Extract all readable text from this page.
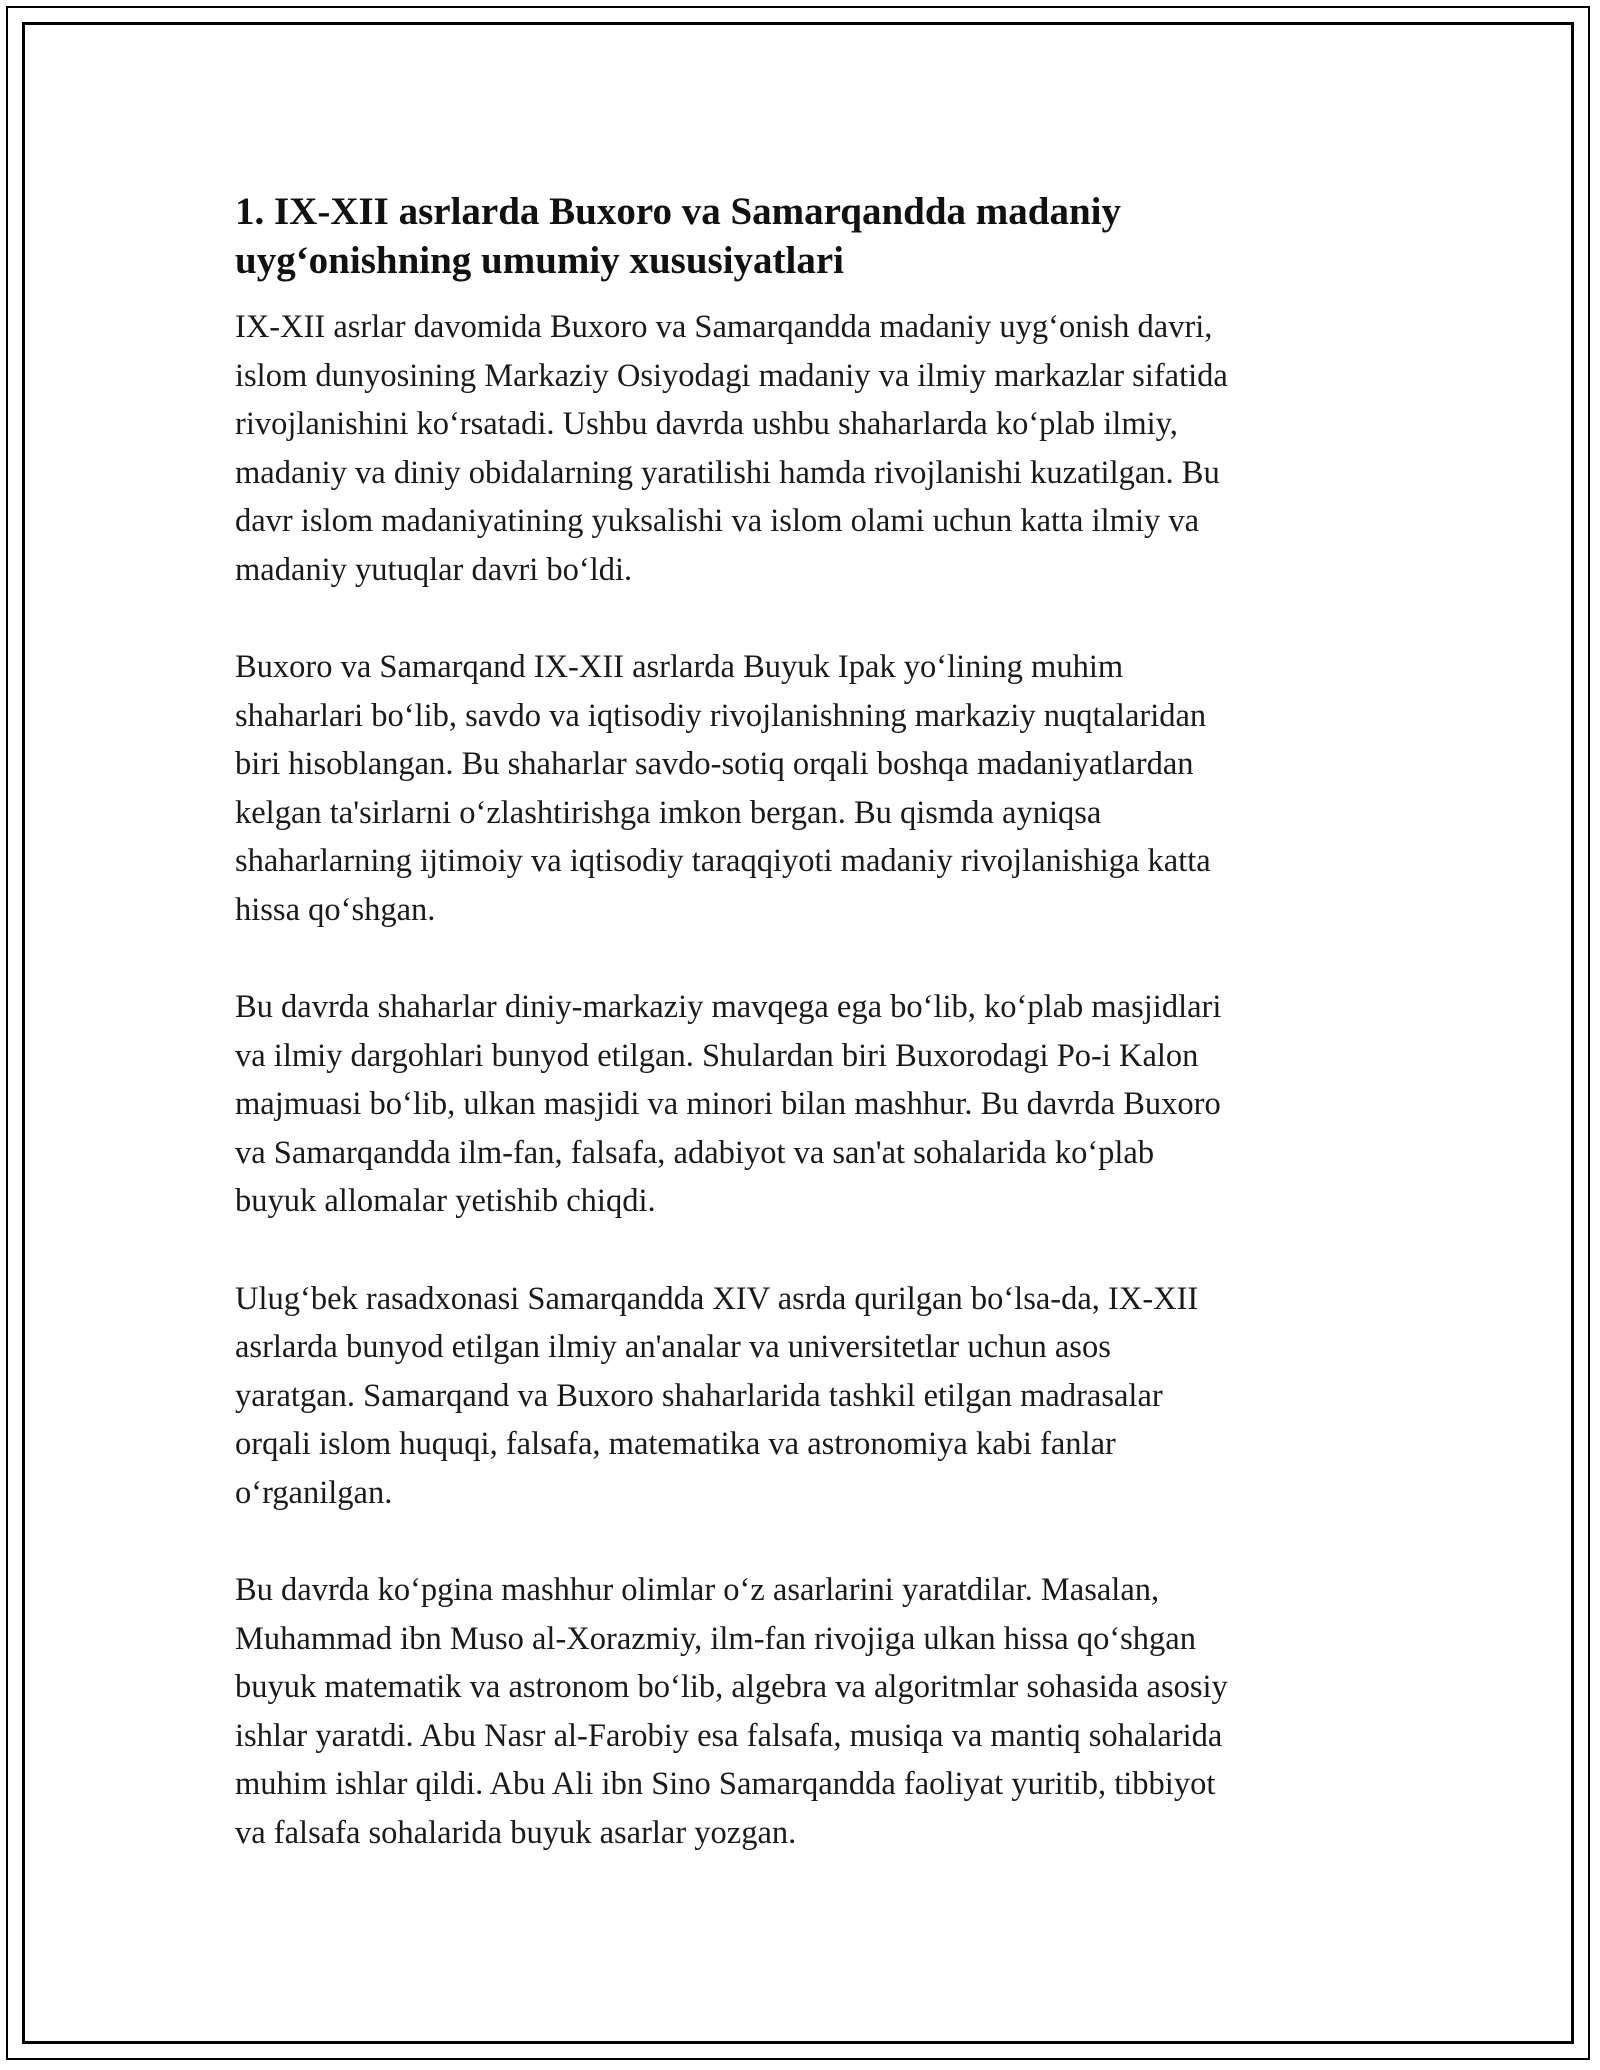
1. IX-XII asrlarda Buxoro va Samarqandda madaniy
uyg‘onishning umumiy xususiyatlari

IX-XII asrlar davomida Buxoro va Samarqandda madaniy uyg‘onish davri,
islom dunyosining Markaziy Osiyodagi madaniy va ilmiy markazlar sifatida
rivojlanishini ko‘rsatadi. Ushbu davrda ushbu shaharlarda ko‘plab ilmiy,
madaniy va diniy obidalarning yaratilishi hamda rivojlanishi kuzatilgan. Bu
davr islom madaniyatining yuksalishi va islom olami uchun katta ilmiy va
madaniy yutuqlar davri bo‘ldi.

Buxoro va Samarqand IX-XII asrlarda Buyuk Ipak yo‘lining muhim
shaharlari bo‘lib, savdo va iqtisodiy rivojlanishning markaziy nuqtalaridan
biri hisoblangan. Bu shaharlar savdo-sotiq orqali boshqa madaniyatlardan
kelgan ta'sirlarni o‘zlashtirishga imkon bergan. Bu qismda ayniqsa
shaharlarning ijtimoiy va iqtisodiy taraqqiyoti madaniy rivojlanishiga katta
hissa qo‘shgan.

Bu davrda shaharlar diniy-markaziy mavqega ega bo‘lib, ko‘plab masjidlari
va ilmiy dargohlari bunyod etilgan. Shulardan biri Buxorodagi Po-i Kalon
majmuasi bo‘lib, ulkan masjidi va minori bilan mashhur. Bu davrda Buxoro
va Samarqandda ilm-fan, falsafa, adabiyot va san'at sohalarida ko‘plab
buyuk allomalar yetishib chiqdi.

Ulug‘bek rasadxonasi Samarqandda XIV asrda qurilgan bo‘lsa-da, IX-XII
asrlarda bunyod etilgan ilmiy an'analar va universitetlar uchun asos
yaratgan. Samarqand va Buxoro shaharlarida tashkil etilgan madrasalar
orqali islom huquqi, falsafa, matematika va astronomiya kabi fanlar
o‘rganilgan.

Bu davrda ko‘pgina mashhur olimlar o‘z asarlarini yaratdilar. Masalan,
Muhammad ibn Muso al-Xorazmiy, ilm-fan rivojiga ulkan hissa qo‘shgan
buyuk matematik va astronom bo‘lib, algebra va algoritmlar sohasida asosiy
ishlar yaratdi. Abu Nasr al-Farobiy esa falsafa, musiqa va mantiq sohalarida
muhim ishlar qildi. Abu Ali ibn Sino Samarqandda faoliyat yuritib, tibbiyot
va falsafa sohalarida buyuk asarlar yozgan.
